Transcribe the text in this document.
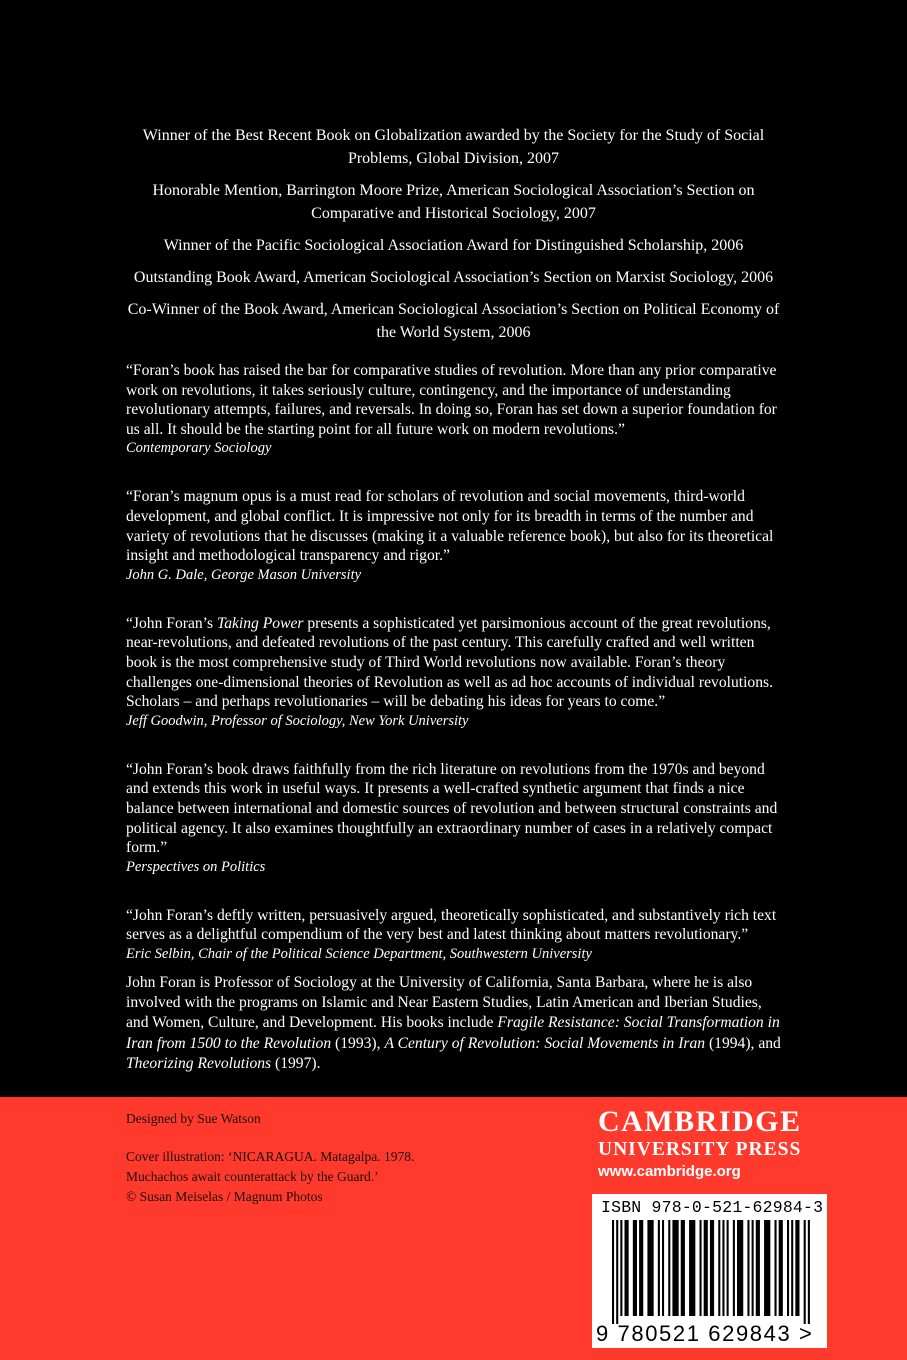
Winner of the Best Recent Book on Globalization awarded by the Society for the Study of Social Problems, Global Division, 2007

Honorable Mention, Barrington Moore Prize, American Sociological Association’s Section on Comparative and Historical Sociology, 2007

Winner of the Pacific Sociological Association Award for Distinguished Scholarship, 2006

Outstanding Book Award, American Sociological Association’s Section on Marxist Sociology, 2006

Co-Winner of the Book Award, American Sociological Association’s Section on Political Economy of the World System, 2006

“Foran’s book has raised the bar for comparative studies of revolution. More than any prior comparative work on revolutions, it takes seriously culture, contingency, and the importance of understanding revolutionary attempts, failures, and reversals. In doing so, Foran has set down a superior foundation for us all. It should be the starting point for all future work on modern revolutions.”
Contemporary Sociology
“Foran’s magnum opus is a must read for scholars of revolution and social movements, third-world development, and global conflict. It is impressive not only for its breadth in terms of the number and variety of revolutions that he discusses (making it a valuable reference book), but also for its theoretical insight and methodological transparency and rigor.”
John G. Dale, George Mason University
“John Foran’s Taking Power presents a sophisticated yet parsimonious account of the great revolutions, near-revolutions, and defeated revolutions of the past century. This carefully crafted and well written book is the most comprehensive study of Third World revolutions now available. Foran’s theory challenges one-dimensional theories of Revolution as well as ad hoc accounts of individual revolutions. Scholars – and perhaps revolutionaries – will be debating his ideas for years to come.”
Jeff Goodwin, Professor of Sociology, New York University
“John Foran’s book draws faithfully from the rich literature on revolutions from the 1970s and beyond and extends this work in useful ways. It presents a well-crafted synthetic argument that finds a nice balance between international and domestic sources of revolution and between structural constraints and political agency. It also examines thoughtfully an extraordinary number of cases in a relatively compact form.”
Perspectives on Politics
“John Foran’s deftly written, persuasively argued, theoretically sophisticated, and substantively rich text serves as a delightful compendium of the very best and latest thinking about matters revolutionary.”
Eric Selbin, Chair of the Political Science Department, Southwestern University
John Foran is Professor of Sociology at the University of California, Santa Barbara, where he is also involved with the programs on Islamic and Near Eastern Studies, Latin American and Iberian Studies, and Women, Culture, and Development. His books include Fragile Resistance: Social Transformation in Iran from 1500 to the Revolution (1993), A Century of Revolution: Social Movements in Iran (1994), and Theorizing Revolutions (1997).
Designed by Sue Watson
Cover illustration: ‘NICARAGUA. Matagalpa. 1978.
Muchachos await counterattack by the Guard.’
© Susan Meiselas / Magnum Photos
CAMBRIDGE
UNIVERSITY PRESS
www.cambridge.org
ISBN 978-0-521-62984-3
9 780521 629843 >
